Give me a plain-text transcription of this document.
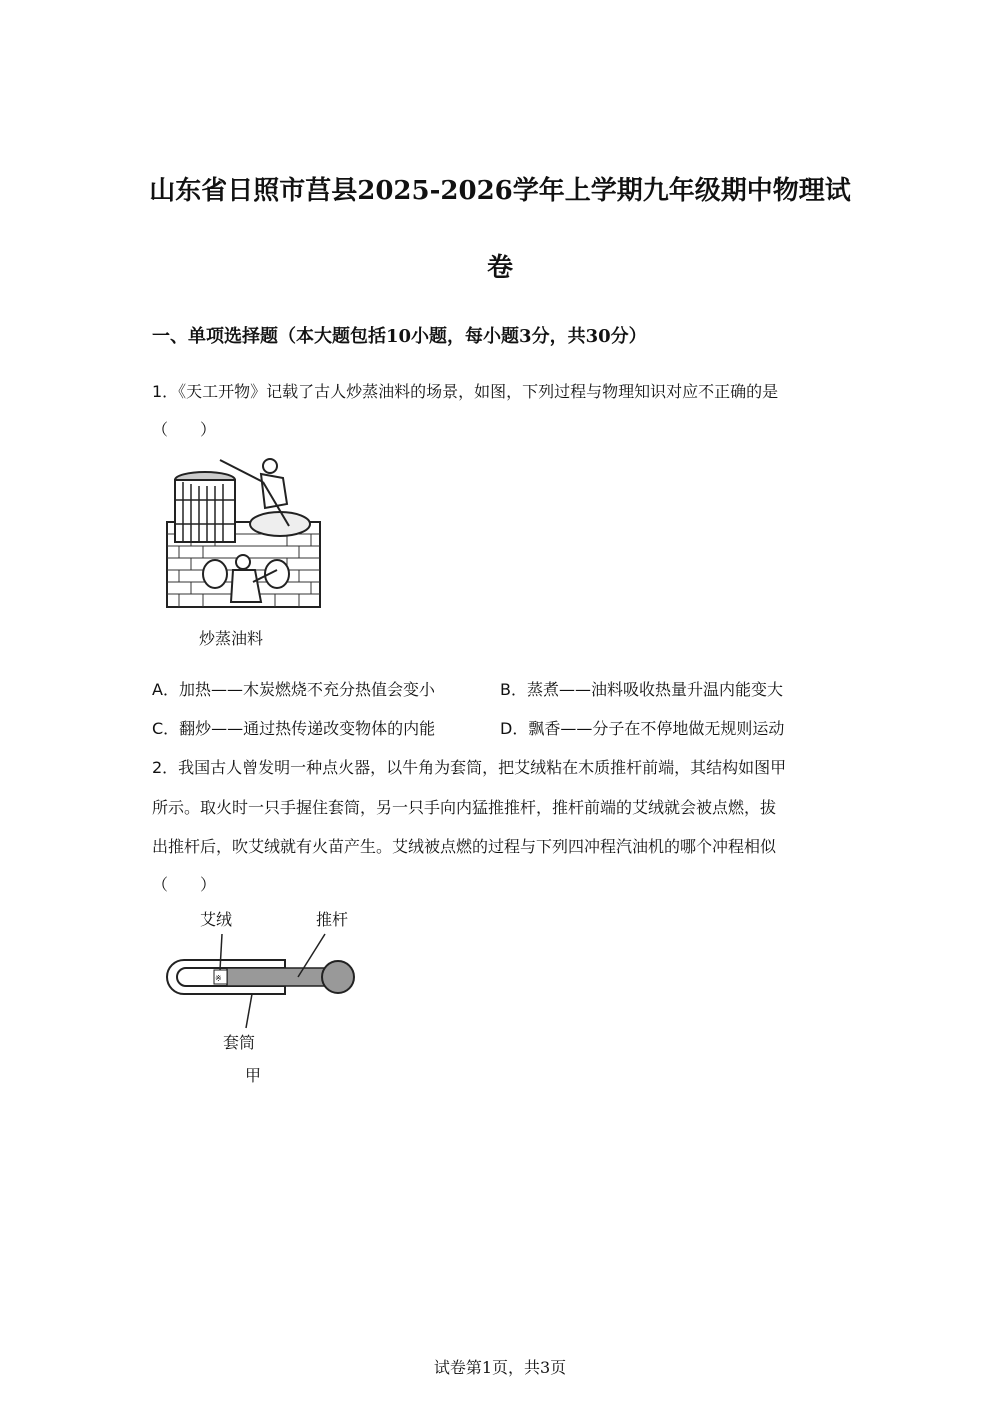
山东省日照市莒县2025-2026学年上学期九年级期中物理试
卷
一、单项选择题（本大题包括10小题，每小题3分，共30分）
1．《天工开物》记载了古人炒蒸油料的场景，如图，下列过程与物理知识对应不正确的是
（　　）
炒蒸油料
A．加热——木炭燃烧不充分热值会变小	B．蒸煮——油料吸收热量升温内能变大
C．翻炒——通过热传递改变物体的内能	D．飘香——分子在不停地做无规则运动
2．我国古人曾发明一种点火器，以牛角为套筒，把艾绒粘在木质推杆前端，其结构如图甲
所示。取火时一只手握住套筒，另一只手向内猛推推杆，推杆前端的艾绒就会被点燃，拔
出推杆后，吹艾绒就有火苗产生。艾绒被点燃的过程与下列四冲程汽油机的哪个冲程相似
（　　）
※
艾绒	推杆
套筒
甲
试卷第1页，共3页
